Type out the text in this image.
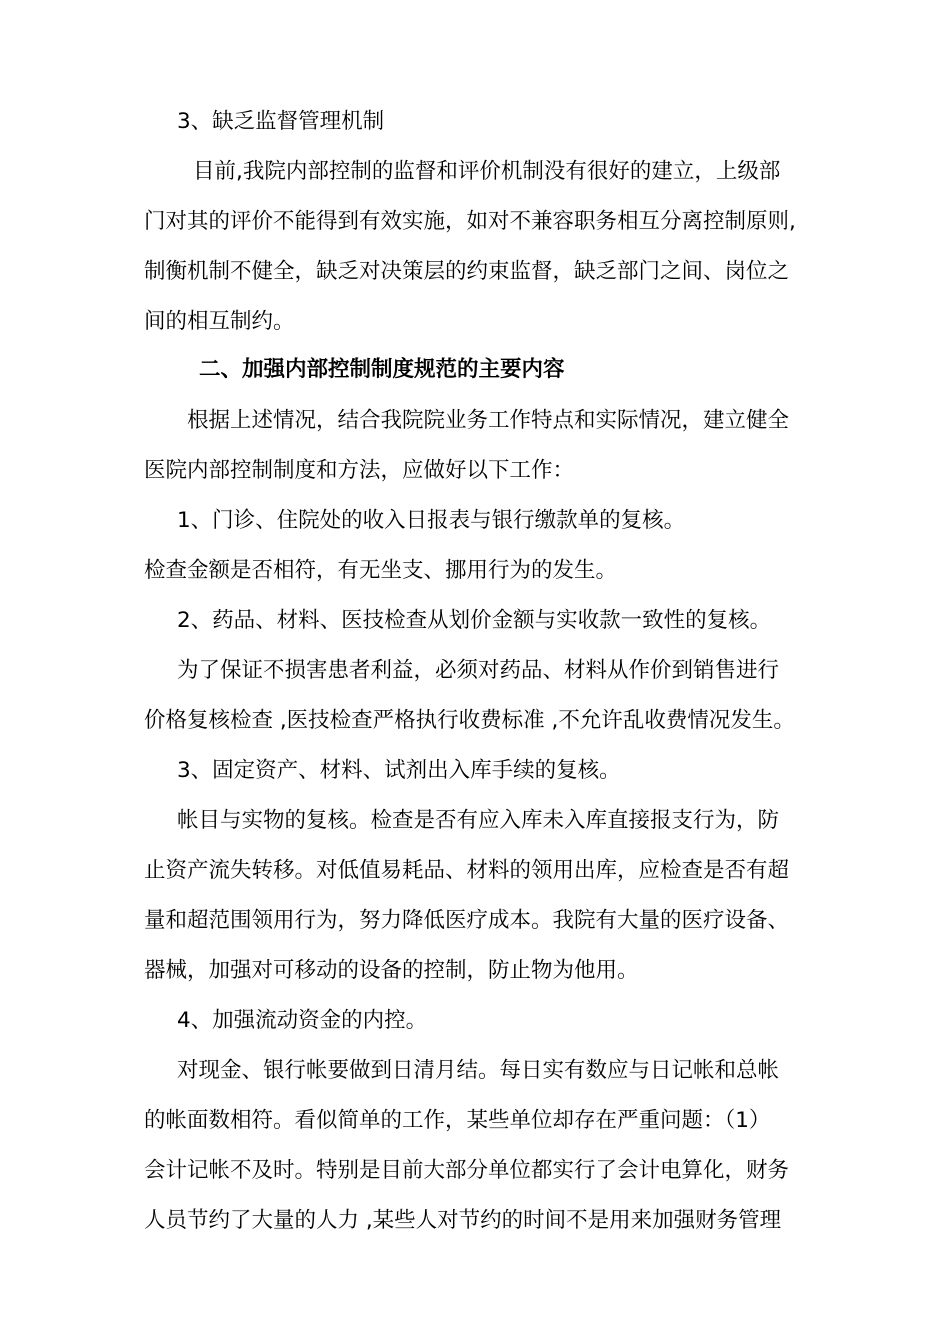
3、缺乏监督管理机制
目前,我院内部控制的监督和评价机制没有很好的建立，上级部
门对其的评价不能得到有效实施，如对不兼容职务相互分离控制原则,
制衡机制不健全，缺乏对决策层的约束监督，缺乏部门之间、岗位之
间的相互制约。
二、加强内部控制制度规范的主要内容
根据上述情况，结合我院院业务工作特点和实际情况，建立健全
医院内部控制制度和方法，应做好以下工作：
1、门诊、住院处的收入日报表与银行缴款单的复核。
检查金额是否相符，有无坐支、挪用行为的发生。
2、药品、材料、医技检查从划价金额与实收款一致性的复核。
为了保证不损害患者利益，必须对药品、材料从作价到销售进行
价格复核检查 ,医技检查严格执行收费标准 ,不允许乱收费情况发生。
3、固定资产、材料、试剂出入库手续的复核。
帐目与实物的复核。检查是否有应入库未入库直接报支行为，防
止资产流失转移。对低值易耗品、材料的领用出库，应检查是否有超
量和超范围领用行为，努力降低医疗成本。我院有大量的医疗设备、
器械，加强对可移动的设备的控制，防止物为他用。
4、加强流动资金的内控。
对现金、银行帐要做到日清月结。每日实有数应与日记帐和总帐
的帐面数相符。看似简单的工作，某些单位却存在严重问题：（1）
会计记帐不及时。特别是目前大部分单位都实行了会计电算化，财务
人员节约了大量的人力 ,某些人对节约的时间不是用来加强财务管理
